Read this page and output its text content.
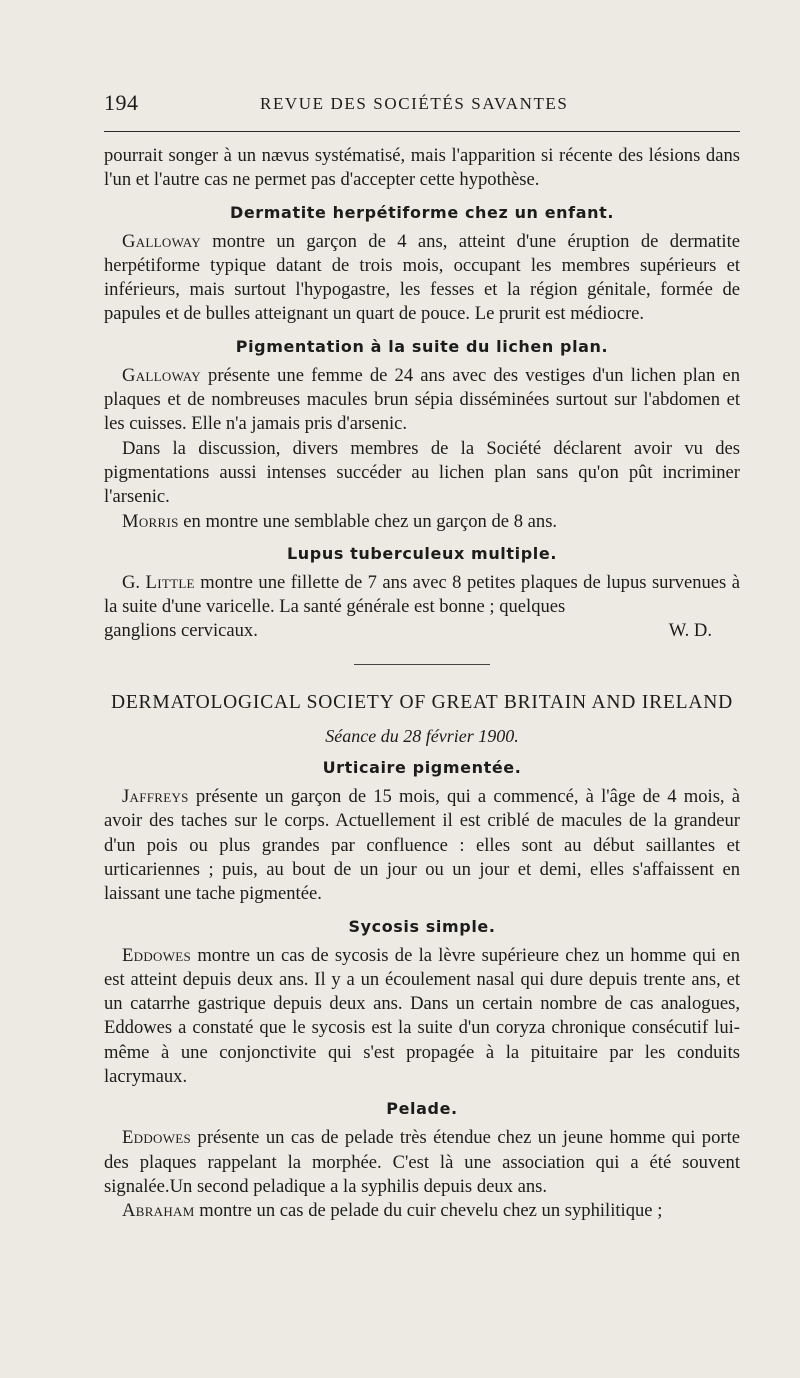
194	REVUE DES SOCIÉTÉS SAVANTES

pourrait songer à un nævus systématisé, mais l'apparition si récente des lésions dans l'un et l'autre cas ne permet pas d'accepter cette hypothèse.

Dermatite herpétiforme chez un enfant.

Galloway montre un garçon de 4 ans, atteint d'une éruption de dermatite herpétiforme typique datant de trois mois, occupant les membres supérieurs et inférieurs, mais surtout l'hypogastre, les fesses et la région génitale, formée de papules et de bulles atteignant un quart de pouce. Le prurit est médiocre.

Pigmentation à la suite du lichen plan.

Galloway présente une femme de 24 ans avec des vestiges d'un lichen plan en plaques et de nombreuses macules brun sépia disséminées surtout sur l'abdomen et les cuisses. Elle n'a jamais pris d'arsenic.

Dans la discussion, divers membres de la Société déclarent avoir vu des pigmentations aussi intenses succéder au lichen plan sans qu'on pût incriminer l'arsenic.

Morris en montre une semblable chez un garçon de 8 ans.

Lupus tuberculeux multiple.

G. Little montre une fillette de 7 ans avec 8 petites plaques de lupus survenues à la suite d'une varicelle. La santé générale est bonne ; quelques

ganglions cervicaux.	W. D.
DERMATOLOGICAL SOCIETY OF GREAT BRITAIN AND IRELAND
Séance du 28 février 1900.
Urticaire pigmentée.

Jaffreys présente un garçon de 15 mois, qui a commencé, à l'âge de 4 mois, à avoir des taches sur le corps. Actuellement il est criblé de macules de la grandeur d'un pois ou plus grandes par confluence : elles sont au début saillantes et urticariennes ; puis, au bout de un jour ou un jour et demi, elles s'affaissent en laissant une tache pigmentée.

Sycosis simple.

Eddowes montre un cas de sycosis de la lèvre supérieure chez un homme qui en est atteint depuis deux ans. Il y a un écoulement nasal qui dure depuis trente ans, et un catarrhe gastrique depuis deux ans. Dans un certain nombre de cas analogues, Eddowes a constaté que le sycosis est la suite d'un coryza chronique consécutif lui-même à une conjonctivite qui s'est propagée à la pituitaire par les conduits lacrymaux.

Pelade.

Eddowes présente un cas de pelade très étendue chez un jeune homme qui porte des plaques rappelant la morphée. C'est là une association qui a été souvent signalée.Un second peladique a la syphilis depuis deux ans.

Abraham montre un cas de pelade du cuir chevelu chez un syphilitique ;
